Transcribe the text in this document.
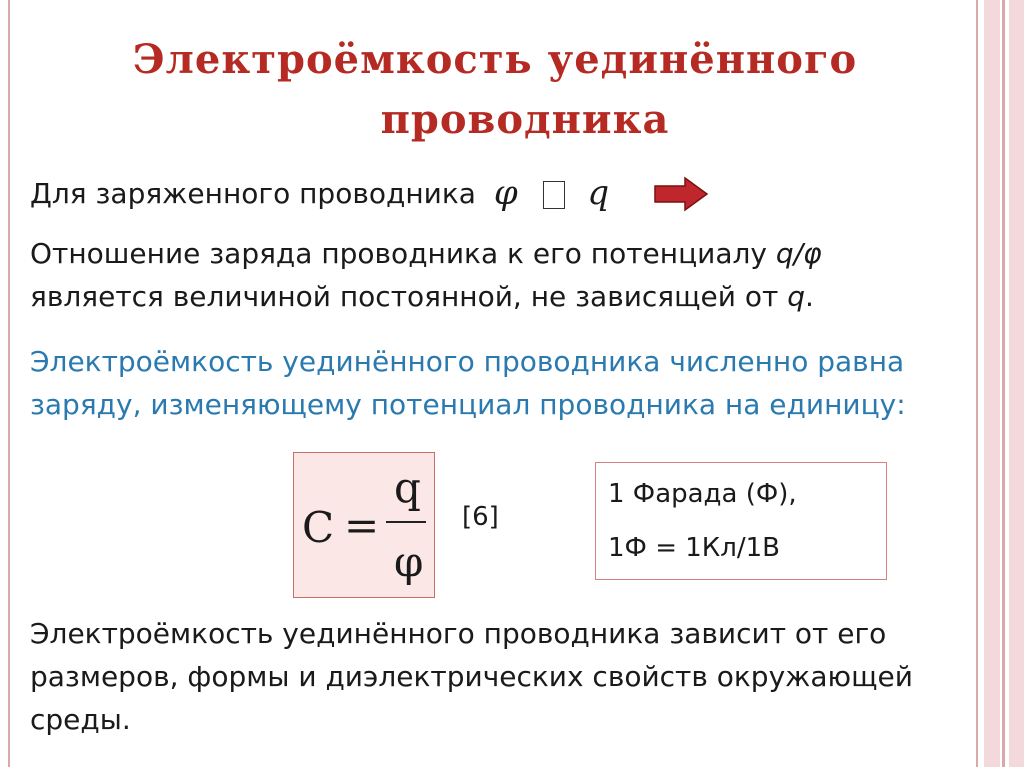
Электроёмкость уединённого
проводника
Для заряженного проводника φ q
Отношение заряда проводника к его потенциалу q/φ
является величиной постоянной, не зависящей от q.
Электроёмкость уединённого проводника численно равна заряду, изменяющему потенциал проводника на единицу:
C =
q
φ
[6]
1 Фарада (Ф),
1Ф = 1Кл/1В
Электроёмкость уединённого проводника зависит от его размеров, формы и диэлектрических свойств окружающей среды.
